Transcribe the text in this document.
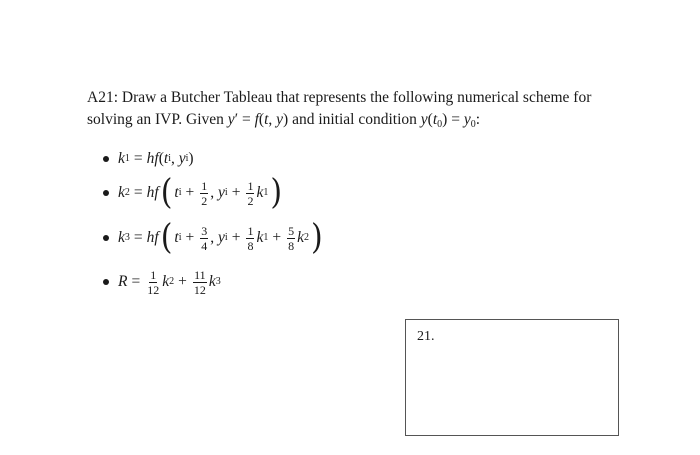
A21: Draw a Butcher Tableau that represents the following numerical scheme for
solving an IVP. Given y′ = f(t, y) and initial condition $y(t_0) = y_0$:
k 1 = h f ( t i ,
y i )
k 2 = h f ( t $i + \frac{1}{2}$ ,
y $i + \frac{1}{2}$ k 1 )
k 3 = h f ( t $i + \frac{3}{4}$ ,
y $i + \frac{1}{8}$ k $1 + \frac{5}{8}$ k 2 )
$R = \frac{1}{12}$ k $2 + \frac{11}{12}$ k 3
21.
